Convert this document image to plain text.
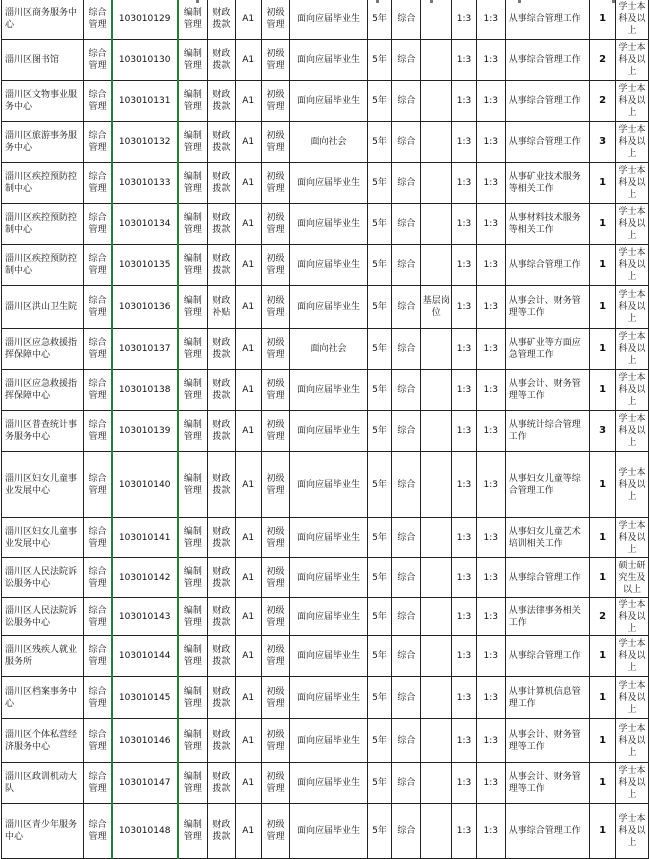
淄川区商务服务中心	综合管理	103010129	编制管理	财政拨款	A1	初级管理	面向应届毕业生	5年	综合		1:3	1:3	从事综合管理工作	1	学士本科及以上
淄川区图书馆	综合管理	103010130	编制管理	财政拨款	A1	初级管理	面向应届毕业生	5年	综合		1:3	1:3	从事综合管理工作	2	学士本科及以上
淄川区文物事业服务中心	综合管理	103010131	编制管理	财政拨款	A1	初级管理	面向应届毕业生	5年	综合		1:3	1:3	从事综合管理工作	2	学士本科及以上
淄川区旅游事务服务中心	综合管理	103010132	编制管理	财政拨款	A1	初级管理	面向社会	5年	综合		1:3	1:3	从事综合管理工作	3	学士本科及以上
淄川区疾控预防控制中心	综合管理	103010133	编制管理	财政拨款	A1	初级管理	面向应届毕业生	5年	综合		1:3	1:3	从事矿业技术服务等相关工作	1	学士本科及以上
淄川区疾控预防控制中心	综合管理	103010134	编制管理	财政拨款	A1	初级管理	面向应届毕业生	5年	综合		1:3	1:3	从事材料技术服务等相关工作	1	学士本科及以上
淄川区疾控预防控制中心	综合管理	103010135	编制管理	财政拨款	A1	初级管理	面向应届毕业生	5年	综合		1:3	1:3	从事综合管理工作	1	学士本科及以上
淄川区洪山卫生院	综合管理	103010136	编制管理	财政补贴	A1	初级管理	面向应届毕业生	5年	综合	基层岗位	1:3	1:3	从事会计、财务管理等工作	1	学士本科及以上
淄川区应急救援指挥保障中心	综合管理	103010137	编制管理	财政拨款	A1	初级管理	面向社会	5年	综合		1:3	1:3	从事矿业等方面应急管理工作	1	学士本科及以上
淄川区应急救援指挥保障中心	综合管理	103010138	编制管理	财政拨款	A1	初级管理	面向应届毕业生	5年	综合		1:3	1:3	从事会计、财务管理等工作	1	学士本科及以上
淄川区普查统计事务服务中心	综合管理	103010139	编制管理	财政拨款	A1	初级管理	面向应届毕业生	5年	综合		1:3	1:3	从事统计综合管理工作	3	学士本科及以上
淄川区妇女儿童事业发展中心	综合管理	103010140	编制管理	财政拨款	A1	初级管理	面向应届毕业生	5年	综合		1:3	1:3	从事妇女儿童等综合管理工作	1	学士本科及以上
淄川区妇女儿童事业发展中心	综合管理	103010141	编制管理	财政拨款	A1	初级管理	面向应届毕业生	5年	综合		1:3	1:3	从事妇女儿童艺术培训相关工作	1	学士本科及以上
淄川区人民法院诉讼服务中心	综合管理	103010142	编制管理	财政拨款	A1	初级管理	面向应届毕业生	5年	综合		1:3	1:3	从事综合管理工作	1	硕士研究生及以上
淄川区人民法院诉讼服务中心	综合管理	103010143	编制管理	财政拨款	A1	初级管理	面向应届毕业生	5年	综合		1:3	1:3	从事法律事务相关工作	2	学士本科及以上
淄川区残疾人就业服务所	综合管理	103010144	编制管理	财政拨款	A1	初级管理	面向应届毕业生	5年	综合		1:3	1:3	从事综合管理工作	1	学士本科及以上
淄川区档案事务中心	综合管理	103010145	编制管理	财政拨款	A1	初级管理	面向应届毕业生	5年	综合		1:3	1:3	从事计算机信息管理工作	1	学士本科及以上
淄川区个体私营经济服务中心	综合管理	103010146	编制管理	财政拨款	A1	初级管理	面向应届毕业生	5年	综合		1:3	1:3	从事会计、财务管理等工作	1	学士本科及以上
淄川区政训机动大队	综合管理	103010147	编制管理	财政拨款	A1	初级管理	面向应届毕业生	5年	综合		1:3	1:3	从事会计、财务管理等工作	1	学士本科及以上
淄川区青少年服务中心	综合管理	103010148	编制管理	财政拨款	A1	初级管理	面向应届毕业生	5年	综合		1:3	1:3	从事综合管理工作	1	学士本科及以上
